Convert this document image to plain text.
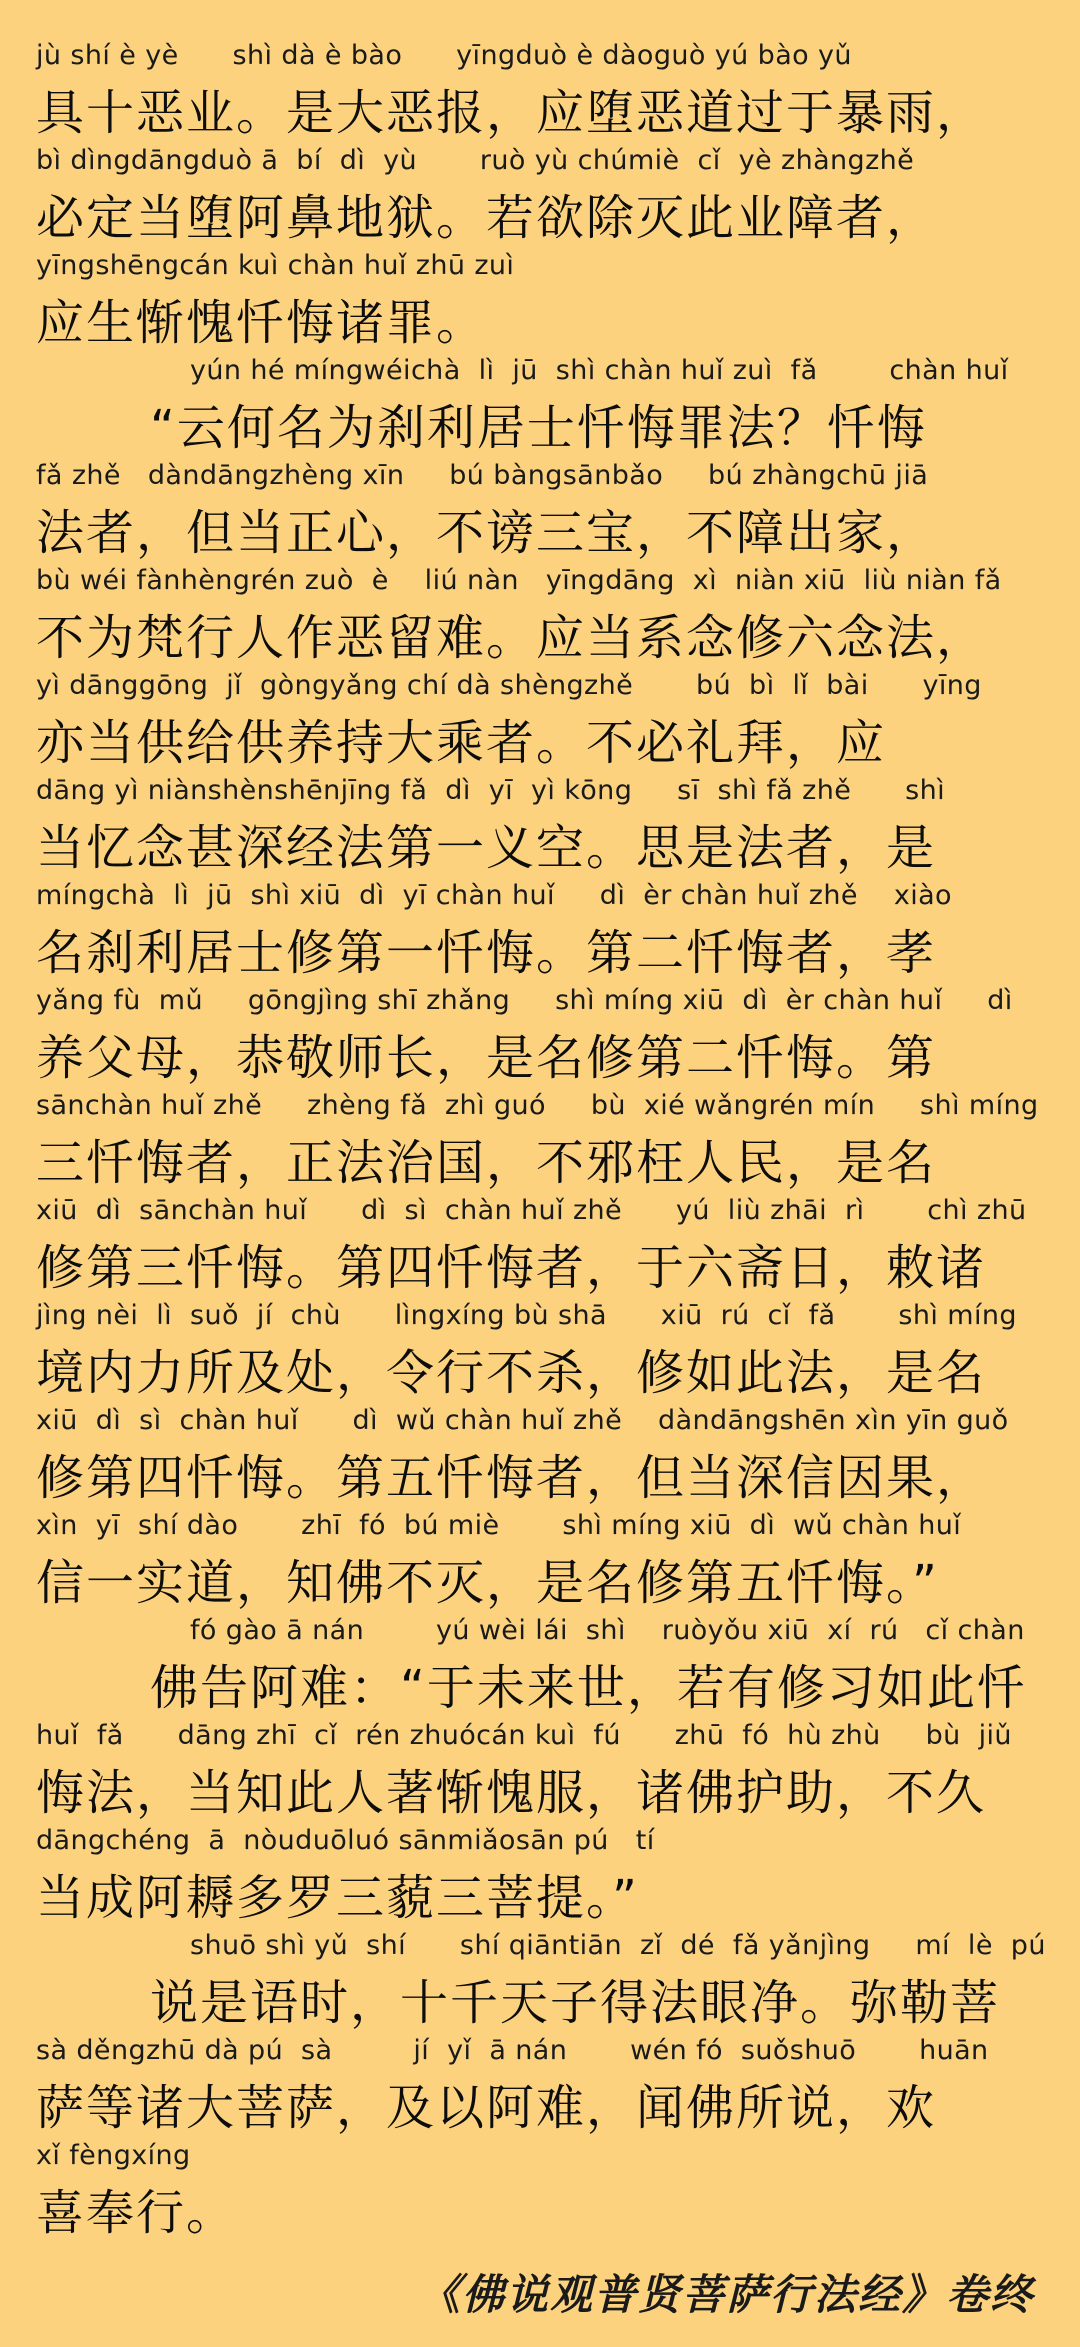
《佛说观普贤菩萨行法经》卷终
jù shí è yè      shì dà è bào      yīngduò è dàoguò yú bào yǔ
具十恶业。是大恶报，应堕恶道过于暴雨，
bì dìngdāngduò ā  bí  dì  yù       ruò yù chúmiè  cǐ  yè zhàngzhě
必定当堕阿鼻地狱。若欲除灭此业障者，
yīngshēngcán kuì chàn huǐ zhū zuì
应生惭愧忏悔诸罪。
yún hé míngwéichà  lì  jū  shì chàn huǐ zuì  fǎ        chàn huǐ
“云何名为刹利居士忏悔罪法？忏悔
fǎ zhě   dàndāngzhèng xīn     bú bàngsānbǎo     bú zhàngchū jiā
法者，但当正心，不谤三宝，不障出家，
bù wéi fànhèngrén zuò  è    liú nàn   yīngdāng  xì  niàn xiū  liù niàn fǎ
不为梵行人作恶留难。应当系念修六念法，
yì dānggōng  jǐ  gòngyǎng chí dà shèngzhě       bú  bì  lǐ  bài      yīng
亦当供给供养持大乘者。不必礼拜，应
dāng yì niànshènshēnjīng fǎ  dì  yī  yì kōng     sī  shì fǎ zhě      shì
当忆念甚深经法第一义空。思是法者，是
míngchà  lì  jū  shì xiū  dì  yī chàn huǐ     dì  èr chàn huǐ zhě    xiào
名刹利居士修第一忏悔。第二忏悔者，孝
yǎng fù  mǔ     gōngjìng shī zhǎng     shì míng xiū  dì  èr chàn huǐ     dì
养父母，恭敬师长，是名修第二忏悔。第
sānchàn huǐ zhě     zhèng fǎ  zhì guó     bù  xié wǎngrén mín     shì míng
三忏悔者，正法治国，不邪枉人民，是名
xiū  dì  sānchàn huǐ      dì  sì  chàn huǐ zhě      yú  liù zhāi  rì       chì zhū
修第三忏悔。第四忏悔者，于六斋日，敕诸
jìng nèi  lì  suǒ  jí  chù      lìngxíng bù shā      xiū  rú  cǐ  fǎ       shì míng
境内力所及处，令行不杀，修如此法，是名
xiū  dì  sì  chàn huǐ      dì  wǔ chàn huǐ zhě    dàndāngshēn xìn yīn guǒ
修第四忏悔。第五忏悔者，但当深信因果，
xìn  yī  shí dào       zhī  fó  bú miè       shì míng xiū  dì  wǔ chàn huǐ
信一实道，知佛不灭，是名修第五忏悔。”
fó gào ā nán        yú wèi lái  shì    ruòyǒu xiū  xí  rú   cǐ chàn
佛告阿难：“于未来世，若有修习如此忏
huǐ  fǎ      dāng zhī  cǐ  rén zhuócán kuì  fú      zhū  fó  hù zhù     bù  jiǔ
悔法，当知此人著惭愧服，诸佛护助，不久
dāngchéng  ā  nòuduōluó sānmiǎosān pú   tí
当成阿耨多罗三藐三菩提。”
shuō shì yǔ  shí      shí qiāntiān  zǐ  dé  fǎ yǎnjìng     mí  lè  pú
说是语时，十千天子得法眼净。弥勒菩
sà děngzhū dà pú  sà         jí  yǐ  ā nán       wén fó  suǒshuō       huān
萨等诸大菩萨，及以阿难，闻佛所说，欢
xǐ fèngxíng
喜奉行。
